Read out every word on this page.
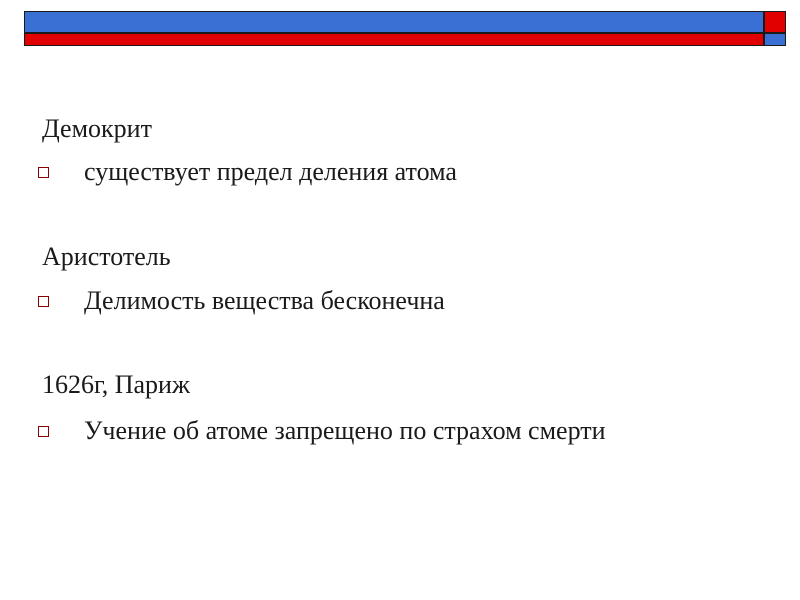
Демокрит
существует предел деления атома
Аристотель
Делимость вещества бесконечна
1626г, Париж
Учение об атоме запрещено по страхом смерти
